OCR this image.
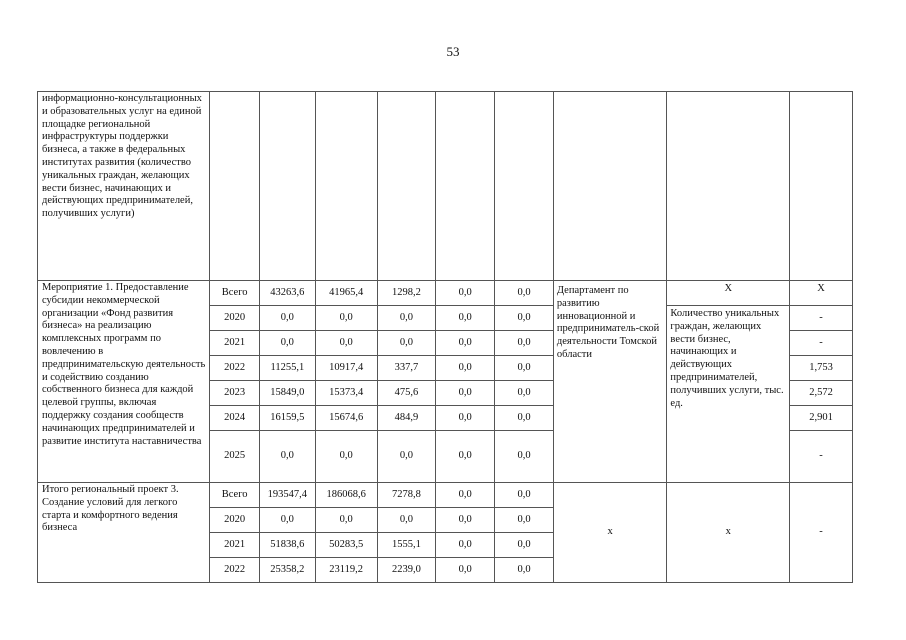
53
информационно-консультационных и образовательных услуг на единой площадке региональной инфраструктуры поддержки бизнеса, а также в федеральных институтах развития (количество уникальных граждан, желающих вести бизнес, начинающих и действующих предпринимателей, получивших услуги)									
Мероприятие 1. Предоставление субсидии некоммерческой организации «Фонд развития бизнеса» на реализацию комплексных программ по вовлечению в предпринимательскую деятельность и содействию созданию собственного бизнеса для каждой целевой группы, включая поддержку создания сообществ начинающих предпринимателей и развитие института наставничества	Всего	43263,6	41965,4	1298,2	0,0	0,0	Департамент по развитию инновационной и предприниматель-ской деятельности Томской области	Х	Х
	2020	0,0	0,0	0,0	0,0	0,0		Количество уникальных граждан, желающих вести бизнес, начинающих и действующих предпринимателей, получивших услуги, тыс. ед.	-
	2021	0,0	0,0	0,0	0,0	0,0			-
	2022	11255,1	10917,4	337,7	0,0	0,0			1,753
	2023	15849,0	15373,4	475,6	0,0	0,0			2,572
	2024	16159,5	15674,6	484,9	0,0	0,0			2,901
	2025	0,0	0,0	0,0	0,0	0,0			-
Итого региональный проект 3. Создание условий для легкого старта и комфортного ведения бизнеса	Всего	193547,4	186068,6	7278,8	0,0	0,0	х	х	-
	2020	0,0	0,0	0,0	0,0	0,0			
	2021	51838,6	50283,5	1555,1	0,0	0,0			
	2022	25358,2	23119,2	2239,0	0,0	0,0			
